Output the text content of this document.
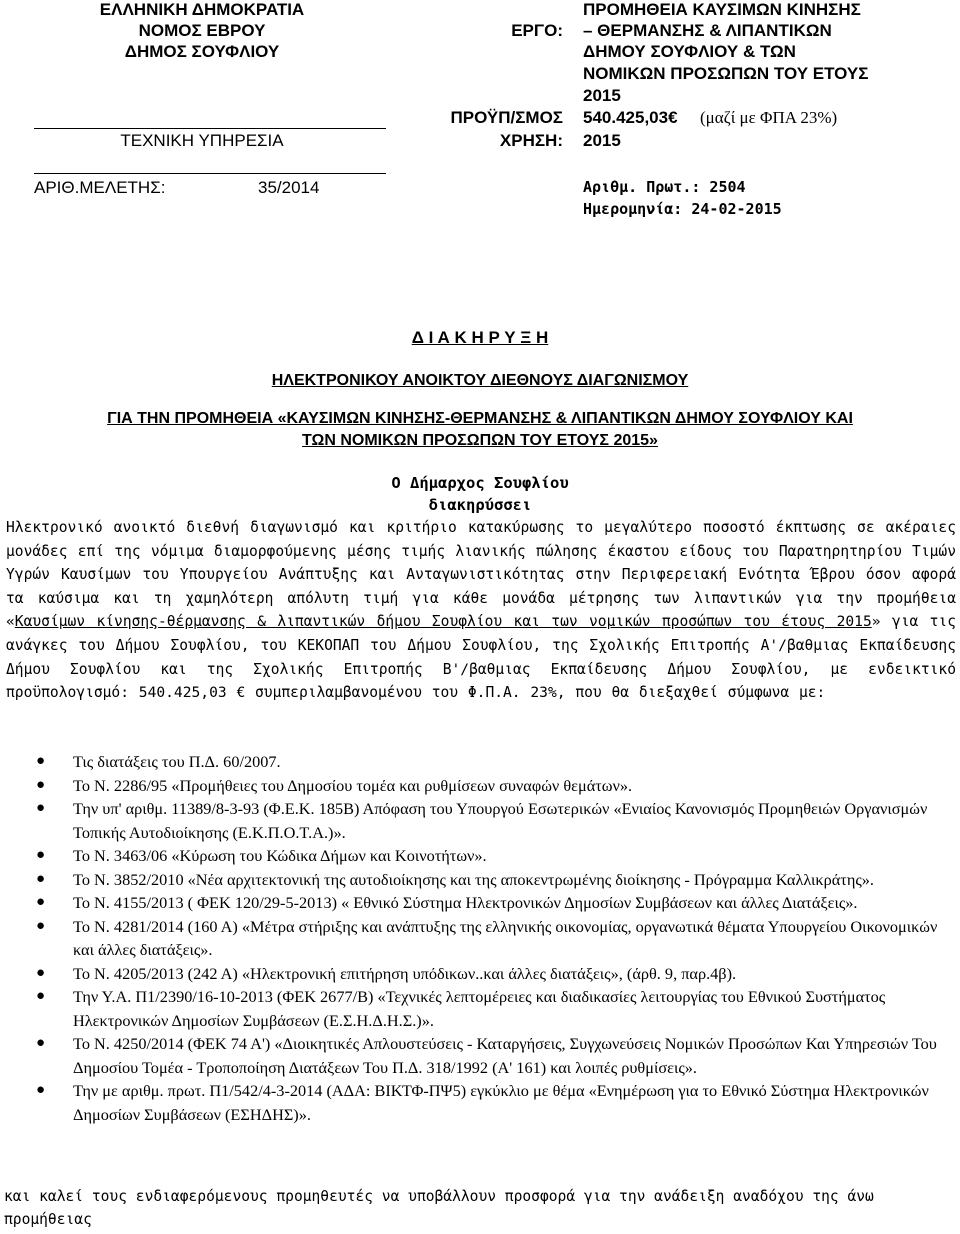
ΕΛΛΗΝΙΚΗ ΔΗΜΟΚΡΑΤΙΑ
ΝΟΜΟΣ ΕΒΡΟΥ
ΔΗΜΟΣ ΣΟΥΦΛΙΟΥ
ΤΕΧΝΙΚΗ ΥΠΗΡΕΣΙΑ
ΑΡΙΘ.ΜΕΛΕΤΗΣ:	35/2014
ΕΡΓΟ:
ΠΡΟΜΗΘΕΙΑ ΚΑΥΣΙΜΩΝ ΚΙΝΗΣΗΣ
– ΘΕΡΜΑΝΣΗΣ & ΛΙΠΑΝΤΙΚΩΝ
ΔΗΜΟΥ ΣΟΥΦΛΙΟΥ & ΤΩΝ
ΝΟΜΙΚΩΝ ΠΡΟΣΩΠΩΝ ΤΟΥ ΕΤΟΥΣ
2015
ΠΡΟΫΠ/ΣΜΟΣ 540.425,03€ (μαζί με ΦΠΑ 23%)
ΧΡΗΣΗ: 2015
Αριθμ. Πρωτ.: 2504
Ημερομηνία: 24-02-2015
Δ Ι Α Κ Η Ρ Υ Ξ Η
ΗΛΕΚΤΡΟΝΙΚΟΥ ΑΝΟΙΚΤΟΥ ΔΙΕΘΝΟΥΣ ΔΙΑΓΩΝΙΣΜΟΥ
ΓΙΑ ΤΗΝ ΠΡΟΜΗΘΕΙΑ «ΚΑΥΣΙΜΩΝ ΚΙΝΗΣΗΣ-ΘΕΡΜΑΝΣΗΣ & ΛΙΠΑΝΤΙΚΩΝ ΔΗΜΟΥ ΣΟΥΦΛΙΟΥ ΚΑΙ
ΤΩΝ ΝΟΜΙΚΩΝ ΠΡΟΣΩΠΩΝ ΤΟΥ ΕΤΟΥΣ 2015»
Ο Δήμαρχος Σουφλίου
διακηρύσσει
Ηλεκτρονικό ανοικτό διεθνή διαγωνισμό και κριτήριο κατακύρωσης το μεγαλύτερο ποσοστό έκπτωσης σε ακέραιες μονάδες επί της νόμιμα διαμορφούμενης μέσης τιμής λιανικής πώλησης έκαστου είδους του Παρατηρητηρίου Τιμών Υγρών Καυσίμων του Υπουργείου Ανάπτυξης και Ανταγωνιστικότητας στην Περιφερειακή Ενότητα Έβρου όσον αφορά τα καύσιμα και τη χαμηλότερη απόλυτη τιμή για κάθε μονάδα μέτρησης των λιπαντικών για την προμήθεια «Καυσίμων κίνησης-θέρμανσης & λιπαντικών δήμου Σουφλίου και των νομικών προσώπων του έτους 2015» για τις ανάγκες του Δήμου Σουφλίου, του ΚΕΚΟΠΑΠ του Δήμου Σουφλίου, της Σχολικής Επιτροπής Α'/βαθμιας Εκπαίδευσης Δήμου Σουφλίου και της Σχολικής Επιτροπής Β'/βαθμιας Εκπαίδευσης Δήμου Σουφλίου, με ενδεικτικό προϋπολογισμό: 540.425,03 € συμπεριλαμβανομένου του Φ.Π.Α. 23%, που θα διεξαχθεί σύμφωνα με:
● Τις διατάξεις του Π.Δ. 60/2007.
● Το Ν. 2286/95 «Προμήθειες του Δημοσίου τομέα και ρυθμίσεων συναφών θεμάτων».
● Την υπ' αριθμ. 11389/8-3-93 (Φ.Ε.Κ. 185Β) Απόφαση του Υπουργού Εσωτερικών «Ενιαίος Κανονισμός Προμηθειών Οργανισμών Τοπικής Αυτοδιοίκησης (Ε.Κ.Π.Ο.Τ.Α.)».
● Το Ν. 3463/06 «Κύρωση του Κώδικα Δήμων και Κοινοτήτων».
● Το Ν. 3852/2010 «Νέα αρχιτεκτονική της αυτοδιοίκησης και της αποκεντρωμένης διοίκησης - Πρόγραμμα Καλλικράτης».
● Το Ν. 4155/2013 ( ΦΕΚ 120/29-5-2013) « Εθνικό Σύστημα Ηλεκτρονικών Δημοσίων Συμβάσεων και άλλες Διατάξεις».
● Το Ν. 4281/2014 (160 Α) «Μέτρα στήριξης και ανάπτυξης της ελληνικής οικονομίας, οργανωτικά θέματα Υπουργείου Οικονομικών και άλλες διατάξεις».
● Το Ν. 4205/2013 (242 Α) «Ηλεκτρονική επιτήρηση υπόδικων..και άλλες διατάξεις», (άρθ. 9, παρ.4β).
● Την Υ.Α. Π1/2390/16-10-2013 (ΦΕΚ 2677/Β) «Τεχνικές λεπτομέρειες και διαδικασίες λειτουργίας του Εθνικού Συστήματος Ηλεκτρονικών Δημοσίων Συμβάσεων (Ε.Σ.Η.Δ.Η.Σ.)».
● Το Ν. 4250/2014 (ΦΕΚ 74 Α') «Διοικητικές Απλουστεύσεις - Καταργήσεις, Συγχωνεύσεις Νομικών Προσώπων Και Υπηρεσιών Του Δημοσίου Τομέα - Τροποποίηση Διατάξεων Του Π.Δ. 318/1992 (Α' 161) και λοιπές ρυθμίσεις».
● Την με αριθμ. πρωτ. Π1/542/4-3-2014 (ΑΔΑ: ΒΙΚΤΦ-ΠΨ5) εγκύκλιο με θέμα «Ενημέρωση για το Εθνικό Σύστημα Ηλεκτρονικών Δημοσίων Συμβάσεων (ΕΣΗΔΗΣ)».
και καλεί τους ενδιαφερόμενους προμηθευτές να υποβάλλουν προσφορά για την ανάδειξη αναδόχου της άνω προμήθειας
